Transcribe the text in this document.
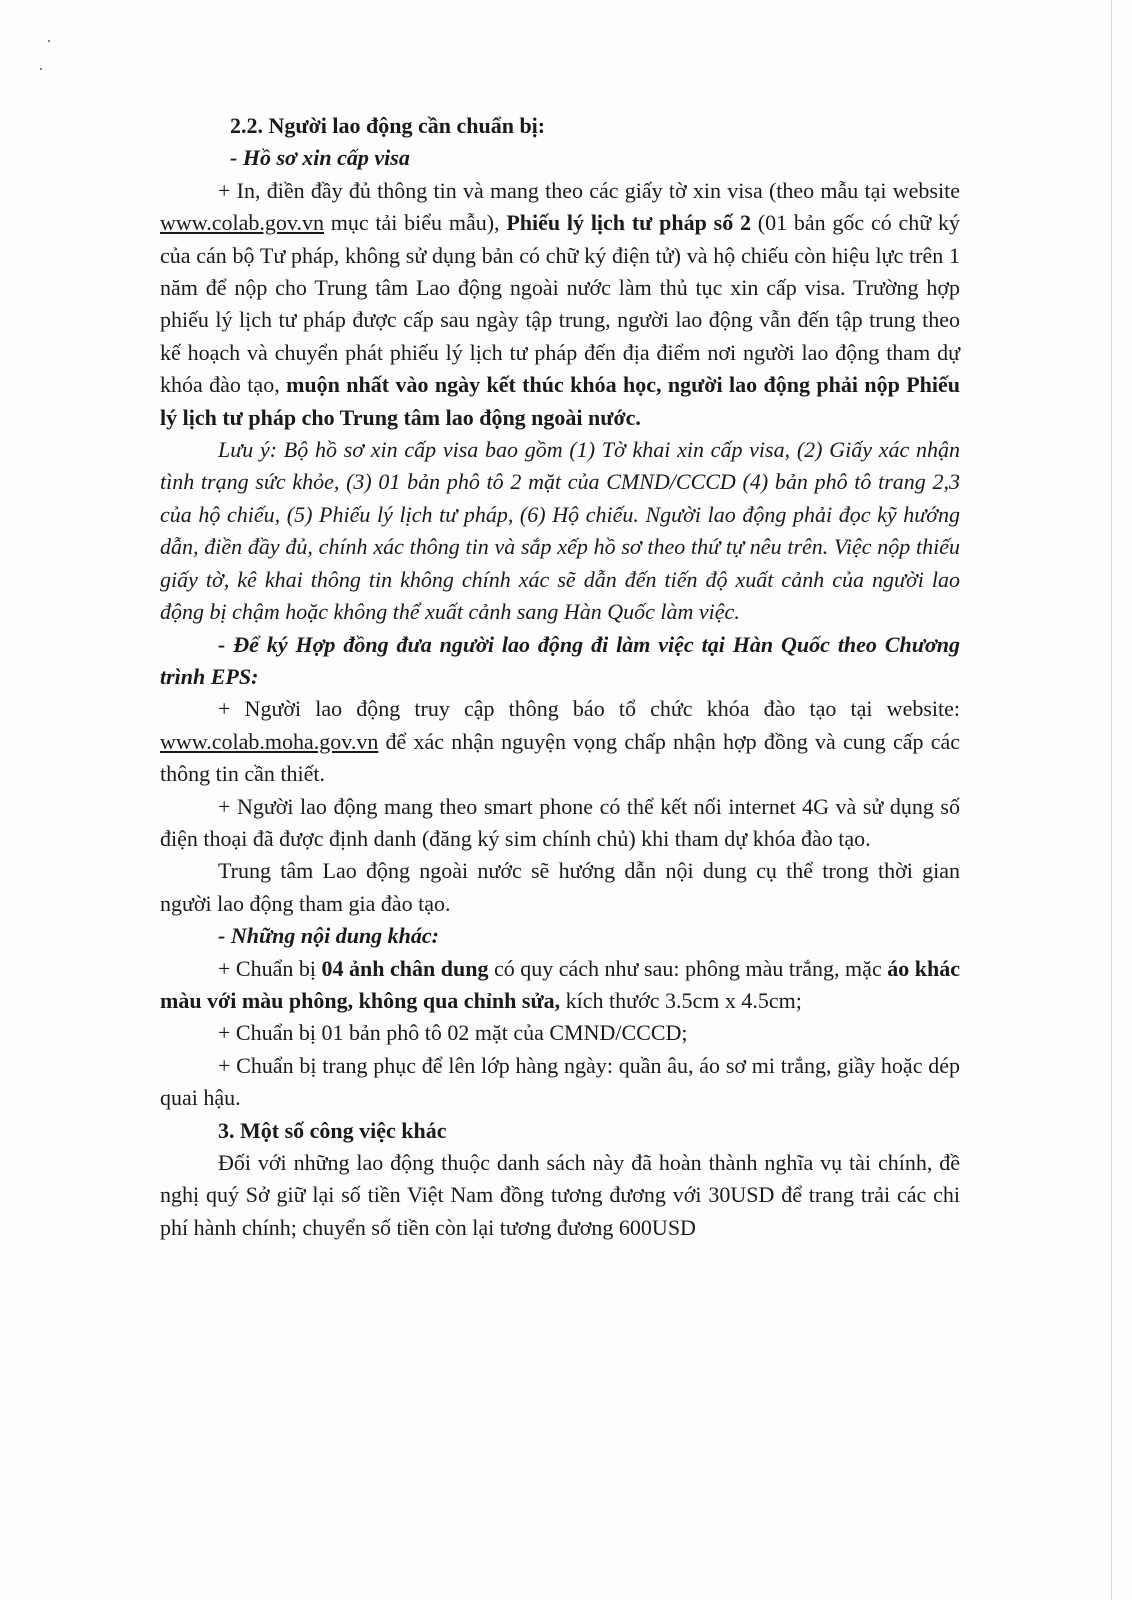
2.2. Người lao động cần chuẩn bị:

- Hồ sơ xin cấp visa

+ In, điền đầy đủ thông tin và mang theo các giấy tờ xin visa (theo mẫu tại website www.colab.gov.vn mục tải biểu mẫu), Phiếu lý lịch tư pháp số 2 (01 bản gốc có chữ ký của cán bộ Tư pháp, không sử dụng bản có chữ ký điện tử) và hộ chiếu còn hiệu lực trên 1 năm để nộp cho Trung tâm Lao động ngoài nước làm thủ tục xin cấp visa. Trường hợp phiếu lý lịch tư pháp được cấp sau ngày tập trung, người lao động vẫn đến tập trung theo kế hoạch và chuyển phát phiếu lý lịch tư pháp đến địa điểm nơi người lao động tham dự khóa đào tạo, muộn nhất vào ngày kết thúc khóa học, người lao động phải nộp Phiếu lý lịch tư pháp cho Trung tâm lao động ngoài nước.

Lưu ý: Bộ hồ sơ xin cấp visa bao gồm (1) Tờ khai xin cấp visa, (2) Giấy xác nhận tình trạng sức khỏe, (3) 01 bản phô tô 2 mặt của CMND/CCCD (4) bản phô tô trang 2,3 của hộ chiếu, (5) Phiếu lý lịch tư pháp, (6) Hộ chiếu. Người lao động phải đọc kỹ hướng dẫn, điền đầy đủ, chính xác thông tin và sắp xếp hồ sơ theo thứ tự nêu trên. Việc nộp thiếu giấy tờ, kê khai thông tin không chính xác sẽ dẫn đến tiến độ xuất cảnh của người lao động bị chậm hoặc không thể xuất cảnh sang Hàn Quốc làm việc.

- Để ký Hợp đồng đưa người lao động đi làm việc tại Hàn Quốc theo Chương trình EPS:

+ Người lao động truy cập thông báo tổ chức khóa đào tạo tại website: www.colab.moha.gov.vn để xác nhận nguyện vọng chấp nhận hợp đồng và cung cấp các thông tin cần thiết.

+ Người lao động mang theo smart phone có thể kết nối internet 4G và sử dụng số điện thoại đã được định danh (đăng ký sim chính chủ) khi tham dự khóa đào tạo.

Trung tâm Lao động ngoài nước sẽ hướng dẫn nội dung cụ thể trong thời gian người lao động tham gia đào tạo.

- Những nội dung khác:

+ Chuẩn bị 04 ảnh chân dung có quy cách như sau: phông màu trắng, mặc áo khác màu với màu phông, không qua chỉnh sửa, kích thước 3.5cm x 4.5cm;

+ Chuẩn bị 01 bản phô tô 02 mặt của CMND/CCCD;

+ Chuẩn bị trang phục để lên lớp hàng ngày: quần âu, áo sơ mi trắng, giầy hoặc dép quai hậu.

3. Một số công việc khác

Đối với những lao động thuộc danh sách này đã hoàn thành nghĩa vụ tài chính, đề nghị quý Sở giữ lại số tiền Việt Nam đồng tương đương với 30USD để trang trải các chi phí hành chính; chuyển số tiền còn lại tương đương 600USD
